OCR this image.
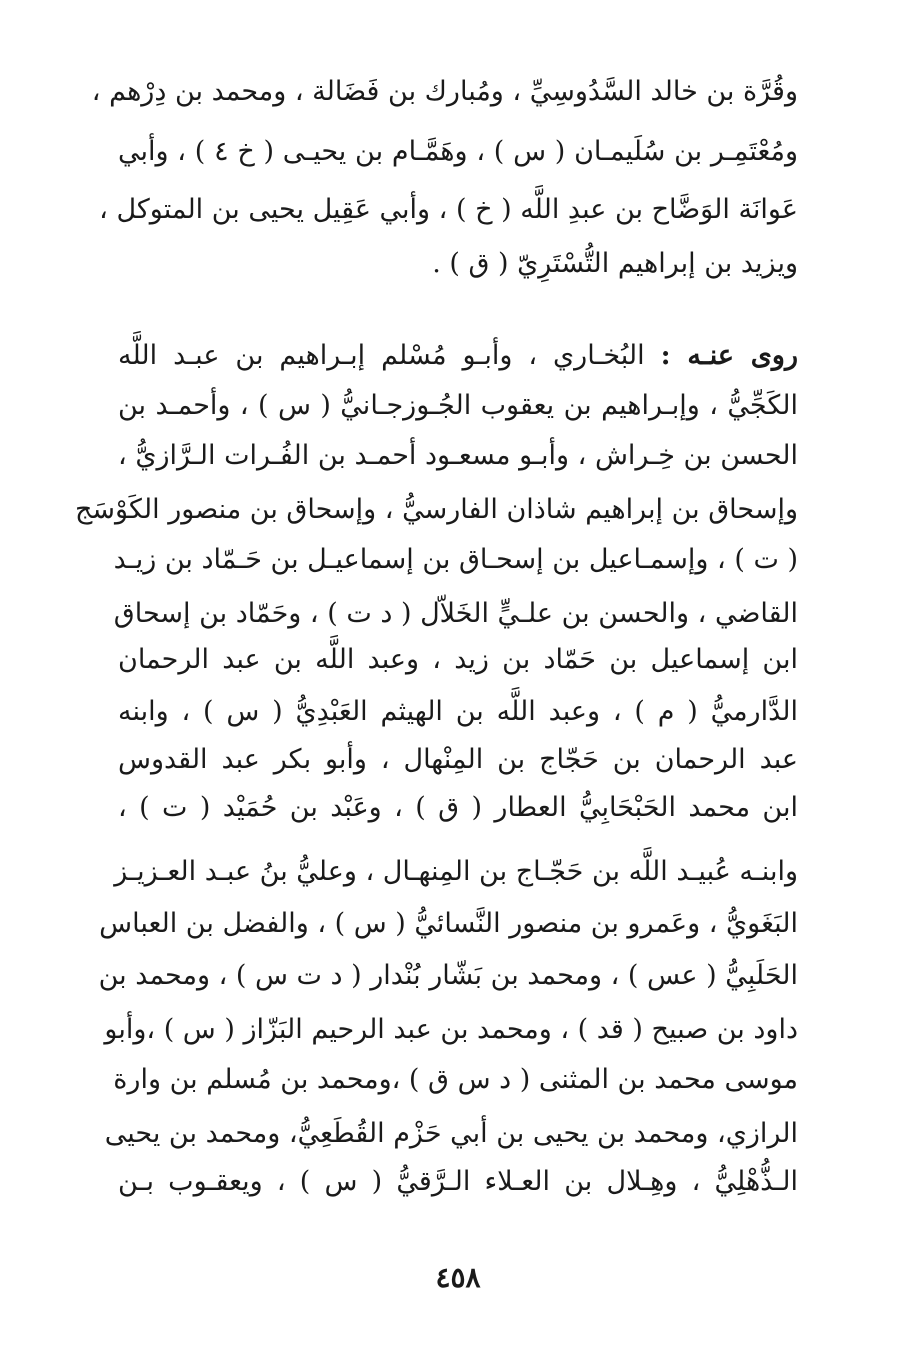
وقُرَّة بن خالد السَّدُوسِيِّ ، ومُبارك بن فَضَالة ، ومحمد بن دِرْهم ،
ومُعْتَمِـر بن سُلَيمـان ( س ) ، وهَمَّـام بن يحيـى ( خ ٤ ) ، وأبي
عَوانَة الوَضَّاح بن عبدِ اللَّه ( خ ) ، وأبي عَقِيل يحيى بن المتوكل ،
ويزيد بن إبراهيم التُّسْتَرِيّ ( ق ) .
روى عنـه : البُخـاري ، وأبـو مُسْلم إبـراهيم بن عبـد اللَّه
الكَجِّيُّ ، وإبـراهيم بن يعقوب الجُـوزجـانيُّ ( س ) ، وأحمـد بن
الحسن بن خِـراش ، وأبـو مسعـود أحمـد بن الفُـرات الـرَّازيُّ ،
وإسحاق بن إبراهيم شاذان الفارسيُّ ، وإسحاق بن منصور الكَوْسَج
( ت ) ، وإسمـاعيل بن إسحـاق بن إسماعيـل بن حَـمّاد بن زيـد
القاضي ، والحسن بن علـيٍّ الخَلاّل ( د ت ) ، وحَمّاد بن إسحاق
ابن إسماعيل بن حَمّاد بن زيد ، وعبد اللَّه بن عبد الرحمان
الدَّارميُّ ( م ) ، وعبد اللَّه بن الهيثم العَبْدِيُّ ( س ) ، وابنه
عبد الرحمان بن حَجّاج بن المِنْهال ، وأبو بكر عبد القدوس
ابن محمد الحَبْحَابِيُّ العطار ( ق ) ، وعَبْد بن حُمَيْد ( ت ) ،
وابنـه عُبيـد اللَّه بن حَجّـاج بن المِنهـال ، وعليُّ بنُ عبـد العـزيـز
البَغَويُّ ، وعَمرو بن منصور النَّسائيُّ ( س ) ، والفضل بن العباس
الحَلَبِيُّ ( عس ) ، ومحمد بن بَشّار بُنْدار ( د ت س ) ، ومحمد بن
داود بن صبيح ( قد ) ، ومحمد بن عبد الرحيم البَزّاز ( س ) ،وأبو
موسى محمد بن المثنى ( د س ق ) ،ومحمد بن مُسلم بن وارة
الرازي، ومحمد بن يحيى بن أبي حَزْم القُطَعِيُّ، ومحمد بن يحيى
الـذُّهْلِيُّ ، وهِـلال بن العـلاء الـرَّقيُّ ( س ) ، ويعقـوب بـن
٤٥٨
